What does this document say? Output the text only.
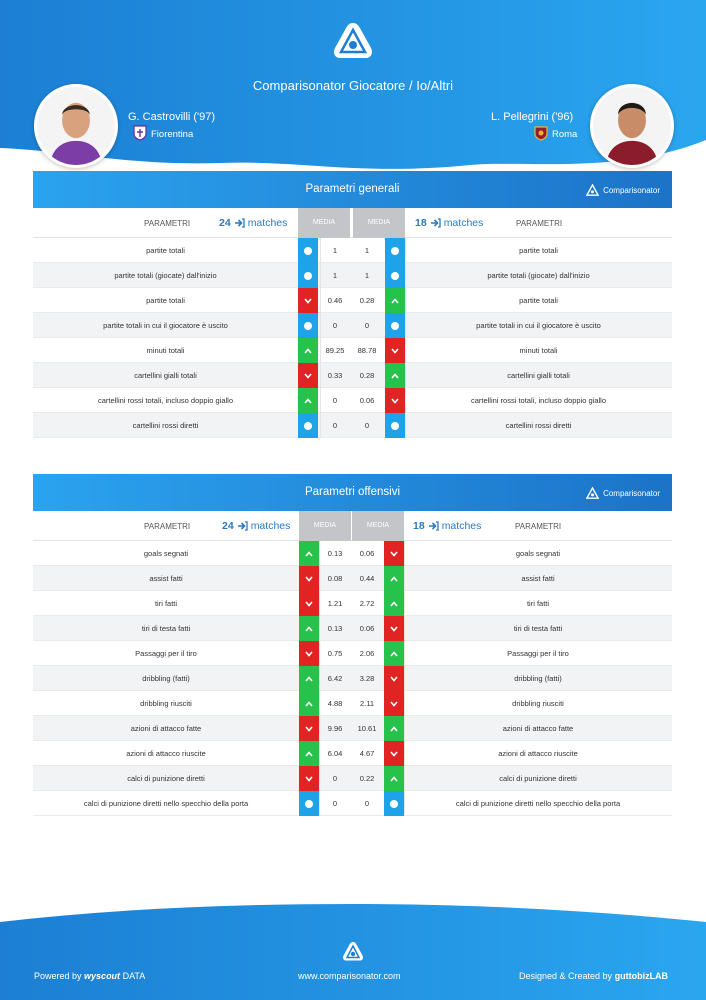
Comparisonator Giocatore / Io/Altri
G. Castrovilli ('97)
Fiorentina
L. Pellegrini ('96)
Roma
Parametri generali	Comparisonator
PARAMETRI	24 matches	MEDIA	MEDIA	18 matches	PARAMETRI
partite totali	1	1	partite totali
partite totali (giocate) dall'inizio	1	1	partite totali (giocate) dall'inizio
partite totali	0.46	0.28	partite totali
partite totali in cui il giocatore è uscito	0	0	partite totali in cui il giocatore è uscito
minuti totali	89.25	88.78	minuti totali
cartellini gialli totali	0.33	0.28	cartellini gialli totali
cartellini rossi totali, incluso doppio giallo	0	0.06	cartellini rossi totali, incluso doppio giallo
cartellini rossi diretti	0	0	cartellini rossi diretti
Parametri offensivi	Comparisonator
PARAMETRI	24 matches	MEDIA	MEDIA	18 matches	PARAMETRI
goals segnati	0.13	0.06	goals segnati
assist fatti	0.08	0.44	assist fatti
tiri fatti	1.21	2.72	tiri fatti
tiri di testa fatti	0.13	0.06	tiri di testa fatti
Passaggi per il tiro	0.75	2.06	Passaggi per il tiro
dribbling (fatti)	6.42	3.28	dribbling (fatti)
dribbling riusciti	4.88	2.11	dribbling riusciti
azioni di attacco fatte	9.96	10.61	azioni di attacco fatte
azioni di attacco riuscite	6.04	4.67	azioni di attacco riuscite
calci di punizione diretti	0	0.22	calci di punizione diretti
calci di punizione diretti nello specchio della porta	0	0	calci di punizione diretti nello specchio della porta
Powered by wyscout DATA	www.comparisonator.com	Designed & Created by guttobizLAB
